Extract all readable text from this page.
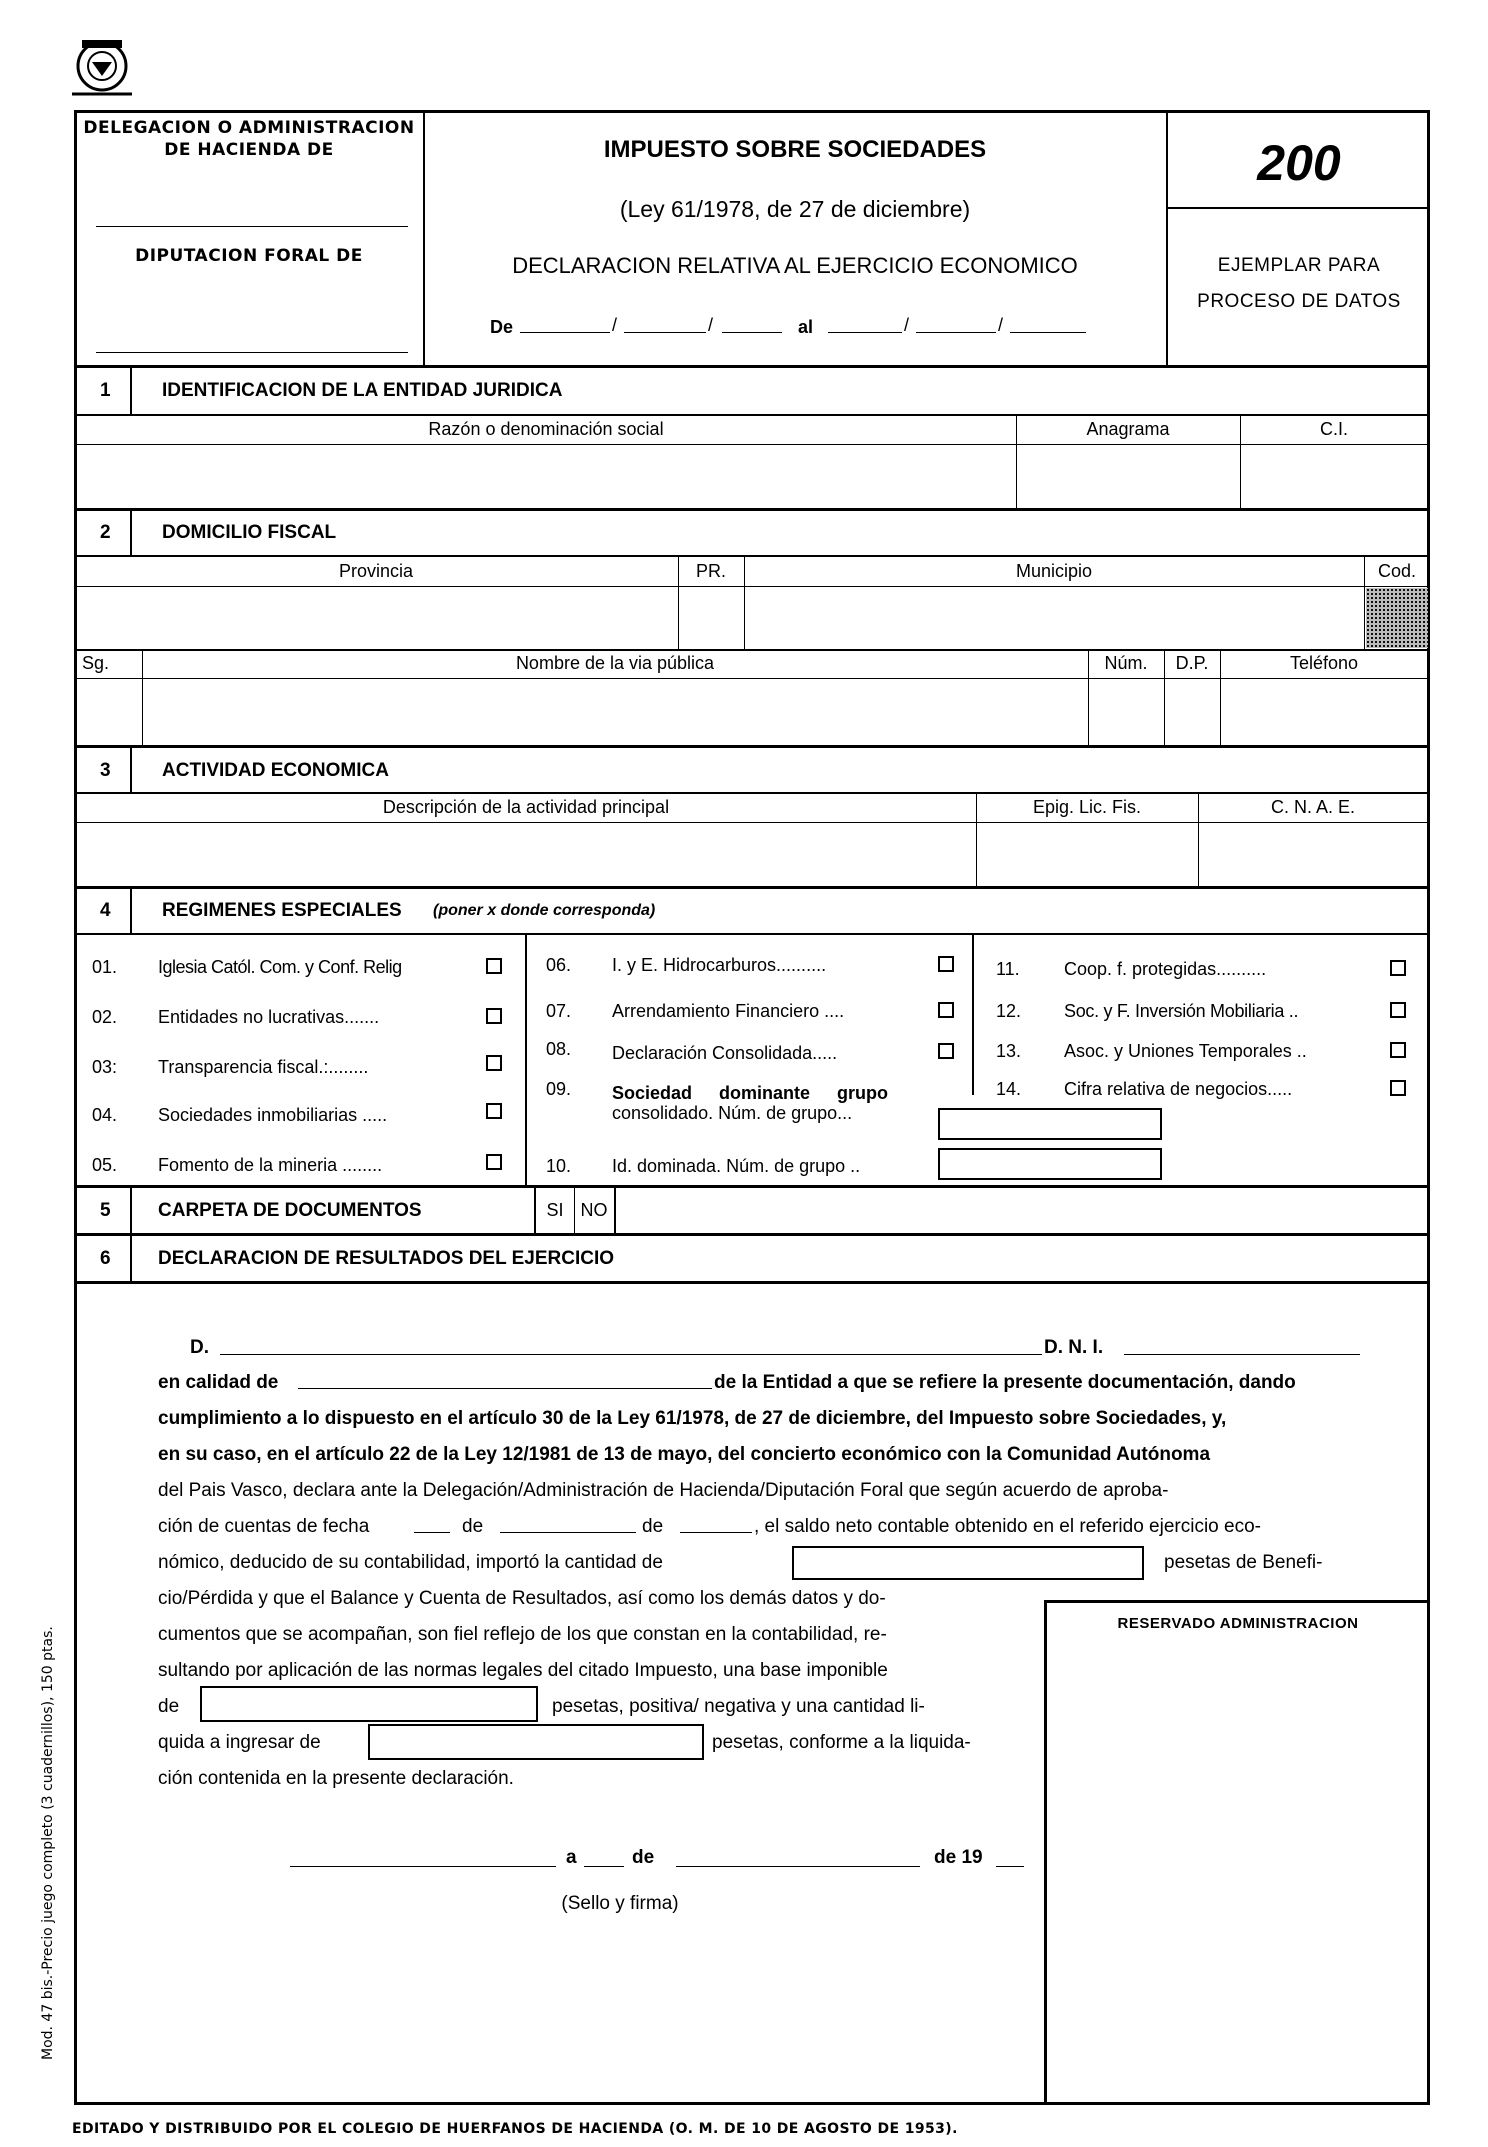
DELEGACION O ADMINISTRACION
DE HACIENDA DE
DIPUTACION FORAL DE
IMPUESTO SOBRE SOCIEDADES
(Ley 61/1978, de 27 de diciembre)
DECLARACION RELATIVA AL EJERCICIO ECONOMICO
De	/	/	al	/	/
200
EJEMPLAR PARA
PROCESO DE DATOS
1	IDENTIFICACION DE LA ENTIDAD JURIDICA
Razón o denominación social	Anagrama	C.I.
2	DOMICILIO FISCAL
Provincia	PR.	Municipio	Cod.
Sg.	Nombre de la via pública	Núm.	D.P.	Teléfono
3	ACTIVIDAD ECONOMICA
Descripción de la actividad principal	Epig. Lic. Fis.	C. N. A. E.
4	REGIMENES ESPECIALES (poner x donde corresponda)
01. Iglesia Catól. Com. y Conf. Relig
02. Entidades no lucrativas.......
03: Transparencia fiscal.:........
04. Sociedades inmobiliarias .....
05. Fomento de la mineria ........
06. I. y E. Hidrocarburos..........
07. Arrendamiento Financiero ....
08. Declaración Consolidada.....
09. Sociedad dominante grupo
consolidado. Núm. de grupo...
10. Id. dominada. Núm. de grupo ..
11. Coop. f. protegidas..........
12. Soc. y F. Inversión Mobiliaria ..
13. Asoc. y Uniones Temporales ..
14. Cifra relativa de negocios.....
5 CARPETA DE DOCUMENTOS	SI NO
6 DECLARACION DE RESULTADOS DEL EJERCICIO
D.	D. N. I.
en calidad de	de la Entidad a que se refiere la presente documentación, dando
cumplimiento a lo dispuesto en el artículo 30 de la Ley 61/1978, de 27 de diciembre, del Impuesto sobre Sociedades, y,
en su caso, en el artículo 22 de la Ley 12/1981 de 13 de mayo, del concierto económico con la Comunidad Autónoma
del Pais Vasco, declara ante la Delegación/Administración de Hacienda/Diputación Foral que según acuerdo de aproba-
ción de cuentas de fecha	de	de	, el saldo neto contable obtenido en el referido ejercicio eco-
nómico, deducido de su contabilidad, importó la cantidad de	pesetas de Benefi-
cio/Pérdida y que el Balance y Cuenta de Resultados, así como los demás datos y do-
cumentos que se acompañan, son fiel reflejo de los que constan en la contabilidad, re-
sultando por aplicación de las normas legales del citado Impuesto, una base imponible
de	pesetas, positiva/ negativa y una cantidad li-
quida a ingresar de	pesetas, conforme a la liquida-
ción contenida en la presente declaración.
a	de	de 19
(Sello y firma)
RESERVADO ADMINISTRACION
Mod. 47 bis.-Precio juego completo (3 cuadernillos), 150 ptas.
EDITADO Y DISTRIBUIDO POR EL COLEGIO DE HUERFANOS DE HACIENDA (O. M. DE 10 DE AGOSTO DE 1953).
